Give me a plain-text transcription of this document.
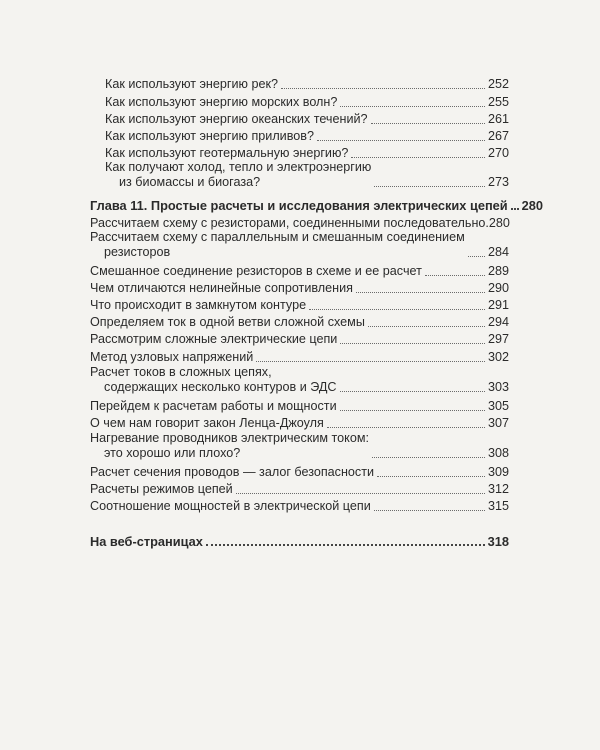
Как используют энергию рек?	252
Как используют энергию морских волн?	255
Как используют энергию океанских течений?	261
Как используют энергию приливов?	267
Как используют геотермальную энергию?	270
Как получают холод, тепло и электроэнергию
из биомассы и биогаза?	273
Глава 11. Простые расчеты и исследования электрических цепей 280
Рассчитаем схему с резисторами, соединенными последовательно. 280
Рассчитаем схему с параллельным и смешанным соединением
резисторов	284
Смешанное соединение резисторов в схеме и ее расчет	289
Чем отличаются нелинейные сопротивления	290
Что происходит в замкнутом контуре	291
Определяем ток в одной ветви сложной схемы	294
Рассмотрим сложные электрические цепи	297
Метод узловых напряжений	302
Расчет токов в сложных цепях,
содержащих несколько контуров и ЭДС	303
Перейдем к расчетам работы и мощности	305
О чем нам говорит закон Ленца-Джоуля	307
Нагревание проводников электрическим током:
это хорошо или плохо?	308
Расчет сечения проводов — залог безопасности	309
Расчеты режимов цепей	312
Соотношение мощностей в электрической цепи	315
На веб-страницах	318
